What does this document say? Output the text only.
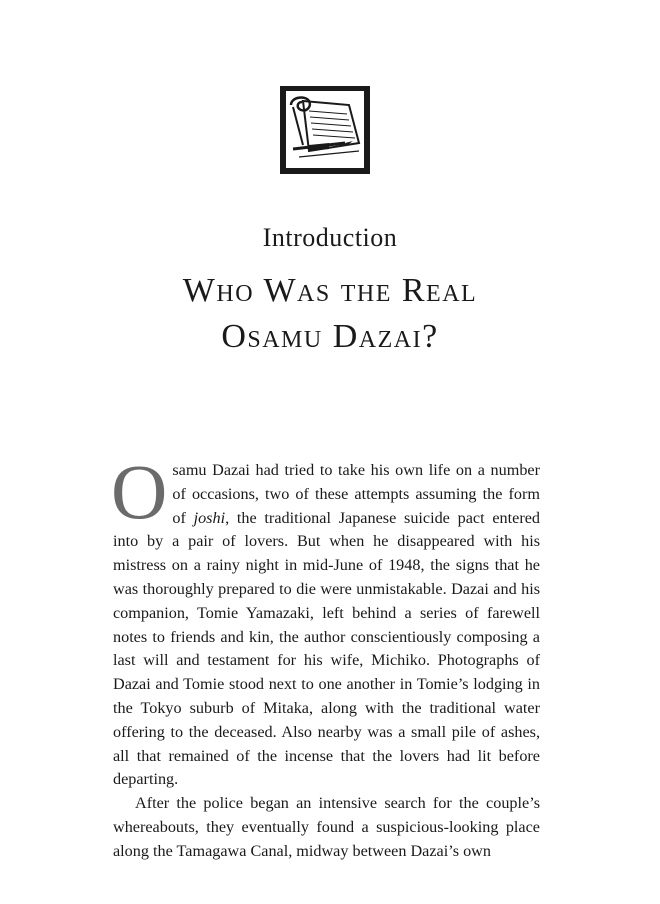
Introduction
Who Was the Real
Osamu Dazai?

Osamu Dazai had tried to take his own life on a number of occasions, two of these attempts assuming the form of joshi, the traditional Japanese suicide pact entered into by a pair of lovers. But when he disappeared with his mistress on a rainy night in mid-June of 1948, the signs that he was thoroughly prepared to die were unmistakable. Dazai and his companion, Tomie Yamazaki, left behind a series of farewell notes to friends and kin, the author conscientiously composing a last will and testament for his wife, Michiko. Photographs of Dazai and Tomie stood next to one another in Tomie’s lodging in the Tokyo suburb of Mitaka, along with the traditional water offering to the deceased. Also nearby was a small pile of ashes, all that remained of the incense that the lovers had lit before departing.

After the police began an intensive search for the couple’s whereabouts, they eventually found a suspicious-looking place along the Tamagawa Canal, midway between Dazai’s own
